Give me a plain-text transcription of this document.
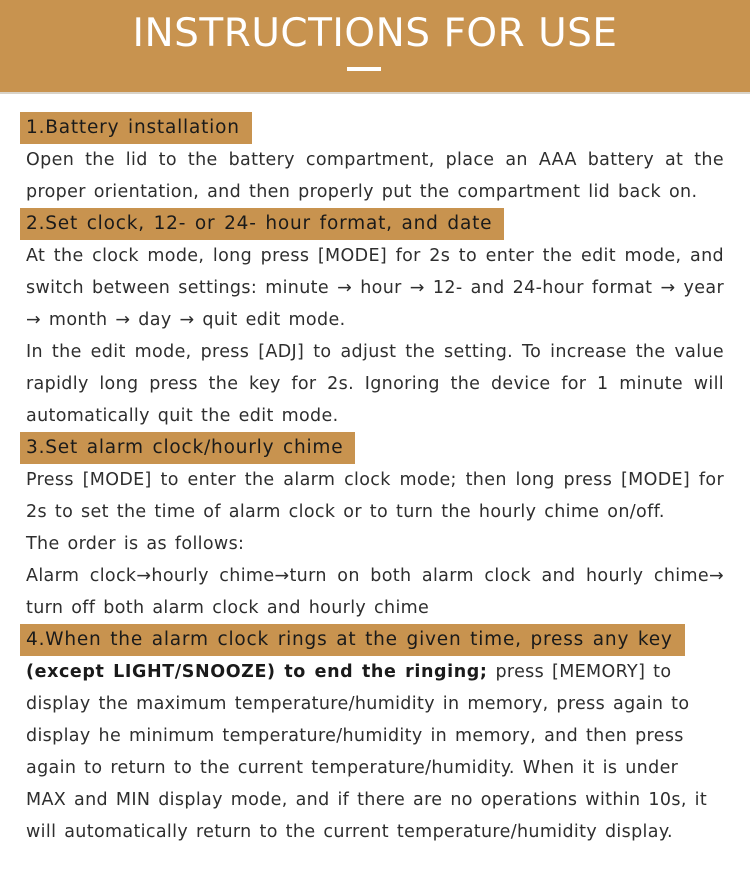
INSTRUCTIONS FOR USE
1.Battery installation

Open the lid to the battery compartment, place an AAA battery at the proper orientation, and then properly put the compartment lid back on.

2.Set clock, 12- or 24- hour format, and date

At the clock mode, long press [MODE] for 2s to enter the edit mode, and switch between settings: minute → hour → 12- and 24-hour format → year → month → day → quit edit mode.

In the edit mode, press [ADJ] to adjust the setting. To increase the value rapidly long press the key for 2s. Ignoring the device for 1 minute will automatically quit the edit mode.

3.Set alarm clock/hourly chime

Press [MODE] to enter the alarm clock mode; then long press [MODE] for 2s to set the time of alarm clock or to turn the hourly chime on/off.

The order is as follows:

Alarm clock→hourly chime→turn on both alarm clock and hourly chime→ turn off both alarm clock and hourly chime

4.When the alarm clock rings at the given time, press any key

(except LIGHT/SNOOZE) to end the ringing; press [MEMORY] to display the maximum temperature/humidity in memory, press again to display he minimum temperature/humidity in memory, and then press again to return to the current temperature/humidity. When it is under MAX and MIN display mode, and if there are no operations within 10s, it will automatically return to the current temperature/humidity display.
